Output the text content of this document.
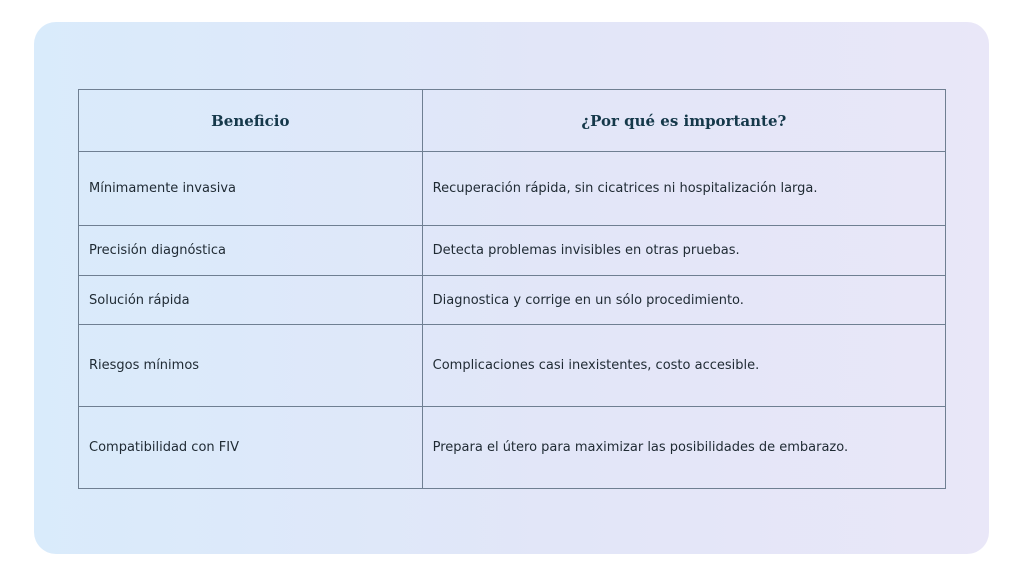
Beneficio	¿Por qué es importante?
Mínimamente invasiva	Recuperación rápida, sin cicatrices ni hospitalización larga.
Precisión diagnóstica	Detecta problemas invisibles en otras pruebas.
Solución rápida	Diagnostica y corrige en un sólo procedimiento.
Riesgos mínimos	Complicaciones casi inexistentes, costo accesible.
Compatibilidad con FIV	Prepara el útero para maximizar las posibilidades de embarazo.
